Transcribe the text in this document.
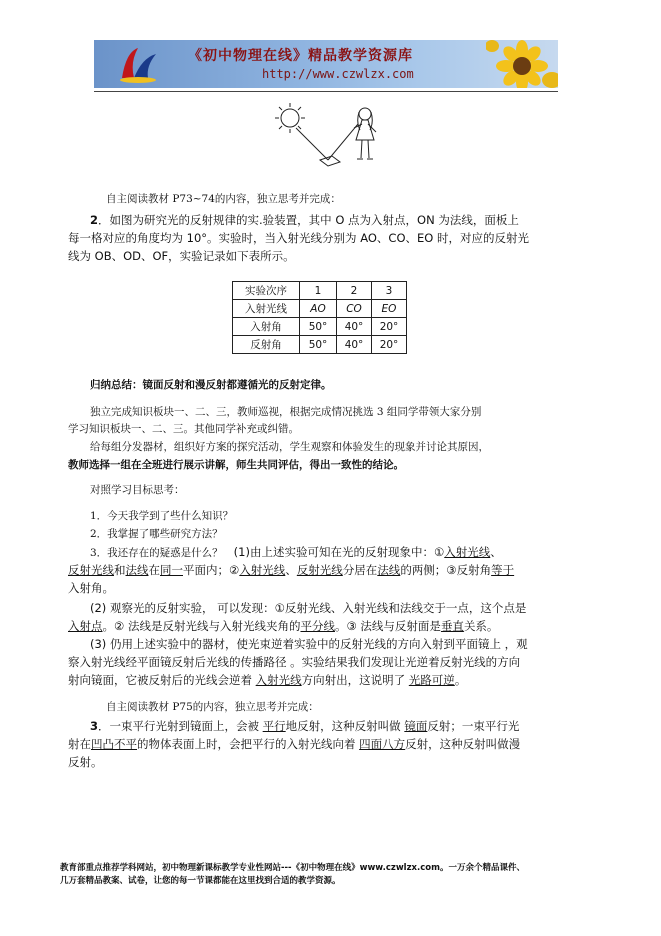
《初中物理在线》精品教学资源库
http://www.czwlzx.com
自主阅读教材 P73~74的内容，独立思考并完成：
2．如图为研究光的反射规律的实.验装置，其中 O 点为入射点，ON 为法线，面板上
每一格对应的角度均为 10°。实验时，当入射光线分别为 AO、CO、EO 时，对应的反射光
线为 OB、OD、OF，实验记录如下表所示。
实验次序	1	2	3
入射光线	AO	CO	EO
入射角	50°	40°	20°
反射角	50°	40°	20°
归纳总结：镜面反射和漫反射都遵循光的反射定律。
独立完成知识板块一、二、三，教师巡视，根据完成情况挑选 3 组同学带领大家分别
学习知识板块一、二、三。其他同学补充或纠错。
给每组分发器材，组织好方案的探究活动，学生观察和体验发生的现象并讨论其原因，
教师选择一组在全班进行展示讲解，师生共同评估，得出一致性的结论。
对照学习目标思考：
1．今天我学到了些什么知识？
2．我掌握了哪些研究方法？
3．我还存在的疑惑是什么？ (1)由上述实验可知在光的反射现象中：①入射光线、
反射光线和法线在同一平面内；②入射光线、反射光线分居在法线的两侧；③反射角等于
入射角。
(2) 观察光的反射实验， 可以发现：①反射光线、入射光线和法线交于一点，这个点是
入射点。② 法线是反射光线与入射光线夹角的平分线。③ 法线与反射面是垂直关系。
(3) 仍用上述实验中的器材，使光束逆着实验中的反射光线的方向入射到平面镜上 ，观
察入射光线经平面镜反射后光线的传播路径 。实验结果我们发现让光逆着反射光线的方向
射向镜面，它被反射后的光线会逆着 入射光线方向射出，这说明了 光路可逆。
自主阅读教材 P75的内容，独立思考并完成：
3．一束平行光射到镜面上，会被 平行地反射，这种反射叫做 镜面反射；一束平行光
射在凹凸不平的物体表面上时，会把平行的入射光线向着 四面八方反射，这种反射叫做漫
反射。
教育部重点推荐学科网站，初中物理新课标教学专业性网站---《初中物理在线》www.czwlzx.com。一万余个精品课件、
几万套精品教案、试卷，让您的每一节课都能在这里找到合适的教学资源。
